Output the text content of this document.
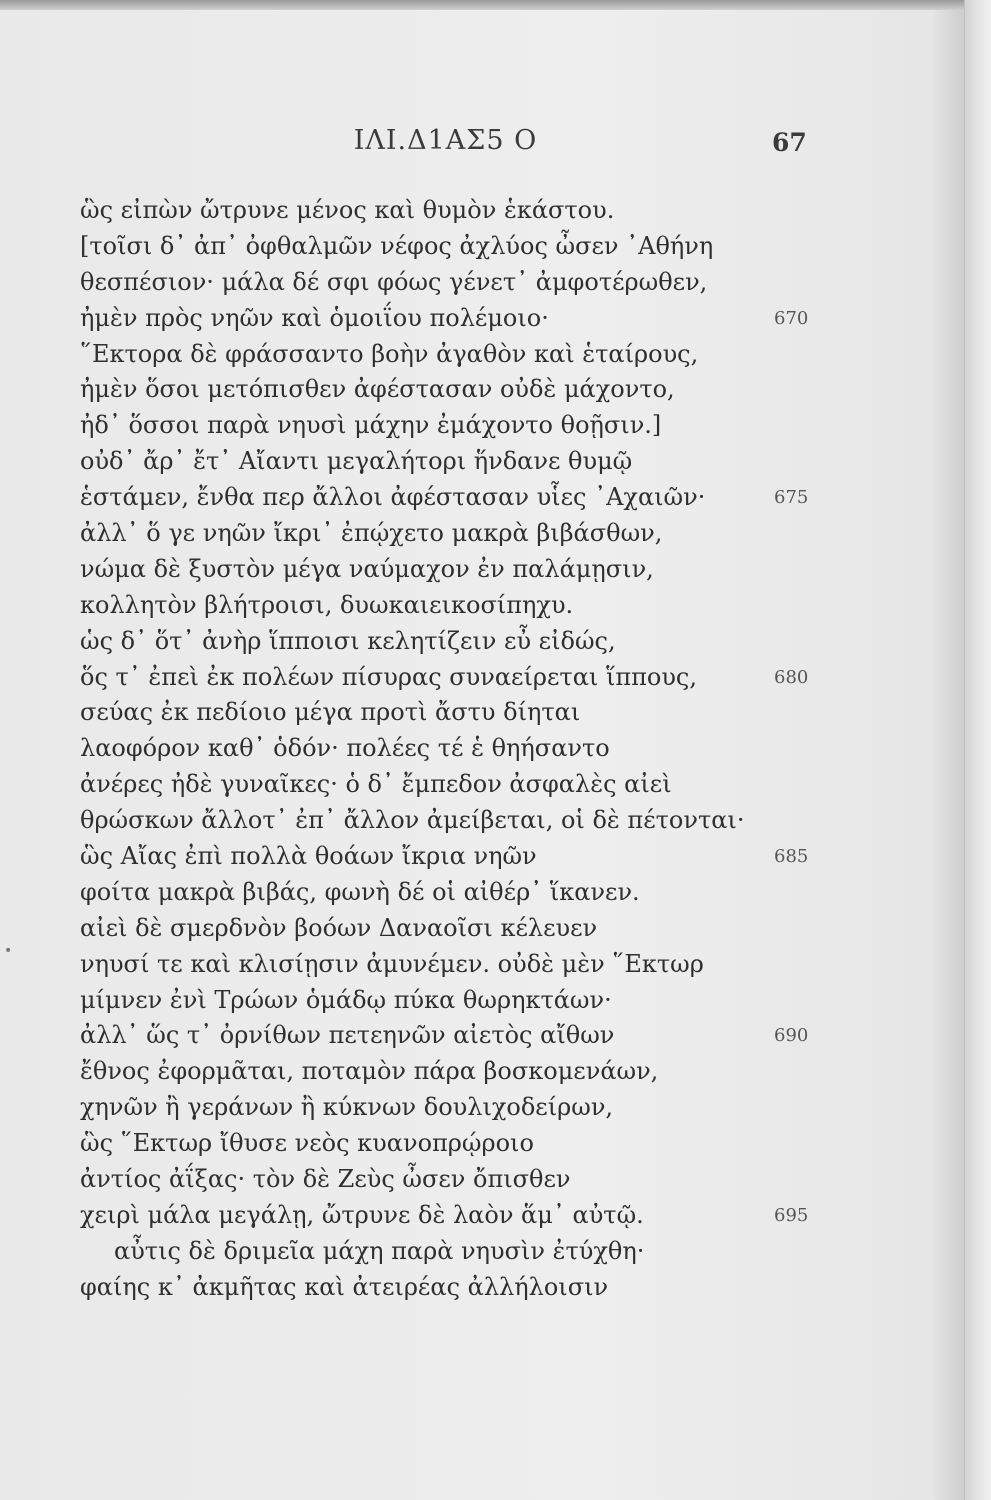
ΙΛΙ.Δ1ΑΣ5 Ο	67
•
ὣς εἰπὼν ὤτρυνε μένος καὶ θυμὸν ἑκάστου.
[τοῖσι δ᾽ ἀπ᾽ ὀφθαλμῶν νέφος ἀχλύος ὦσεν ᾿Αθήνη
θεσπέσιον· μάλα δέ σφι φόως γένετ᾽ ἀμφοτέρωθεν,
ἠμὲν πρὸς νηῶν καὶ ὁμοιΐου πολέμοιο·	670
῞Εκτορα δὲ φράσσαντο βοὴν ἀγαθὸν καὶ ἑταίρους,
ἠμὲν ὅσοι μετόπισθεν ἀφέστασαν οὐδὲ μάχοντο,
ἠδ᾽ ὅσσοι παρὰ νηυσὶ μάχην ἐμάχοντο θοῇσιν.]
οὐδ᾽ ἄρ᾽ ἔτ᾽ Αἴαντι μεγαλήτορι ἥνδανε θυμῷ
ἑστάμεν, ἔνθα περ ἄλλοι ἀφέστασαν υἷες ᾿Αχαιῶν·	675
ἀλλ᾽ ὅ γε νηῶν ἴκρι᾽ ἐπῴχετο μακρὰ βιβάσθων,
νώμα δὲ ξυστὸν μέγα ναύμαχον ἐν παλάμῃσιν,
κολλητὸν βλήτροισι, δυωκαιεικοσίπηχυ.
ὡς δ᾽ ὅτ᾽ ἀνὴρ ἵπποισι κελητίζειν εὖ εἰδώς,
ὅς τ᾽ ἐπεὶ ἐκ πολέων πίσυρας συναείρεται ἵππους,	680
σεύας ἐκ πεδίοιο μέγα προτὶ ἄστυ δίηται
λαοφόρον καθ᾽ ὁδόν· πολέες τέ ἑ θηήσαντο
ἀνέρες ἠδὲ γυναῖκες· ὁ δ᾽ ἔμπεδον ἀσφαλὲς αἰεὶ
θρώσκων ἄλλοτ᾽ ἐπ᾽ ἄλλον ἀμείβεται, οἱ δὲ πέτονται·
ὣς Αἴας ἐπὶ πολλὰ θοάων ἴκρια νηῶν	685
φοίτα μακρὰ βιβάς, φωνὴ δέ οἱ αἰθέρ᾽ ἵκανεν.
αἰεὶ δὲ σμερδνὸν βοόων Δαναοῖσι κέλευεν
νηυσί τε καὶ κλισίῃσιν ἀμυνέμεν. οὐδὲ μὲν ῞Εκτωρ
μίμνεν ἐνὶ Τρώων ὁμάδῳ πύκα θωρηκτάων·
ἀλλ᾽ ὥς τ᾽ ὀρνίθων πετεηνῶν αἰετὸς αἴθων	690
ἔθνος ἐφορμᾶται, ποταμὸν πάρα βοσκομενάων,
χηνῶν ἢ γεράνων ἢ κύκνων δουλιχοδείρων,
ὣς ῞Εκτωρ ἴθυσε νεὸς κυανοπρῴροιο
ἀντίος ἀΐξας· τὸν δὲ Ζεὺς ὦσεν ὄπισθεν
χειρὶ μάλα μεγάλῃ, ὤτρυνε δὲ λαὸν ἅμ᾽ αὐτῷ.	695
αὖτις δὲ δριμεῖα μάχη παρὰ νηυσὶν ἐτύχθη·
φαίης κ᾽ ἀκμῆτας καὶ ἀτειρέας ἀλλήλοισιν
